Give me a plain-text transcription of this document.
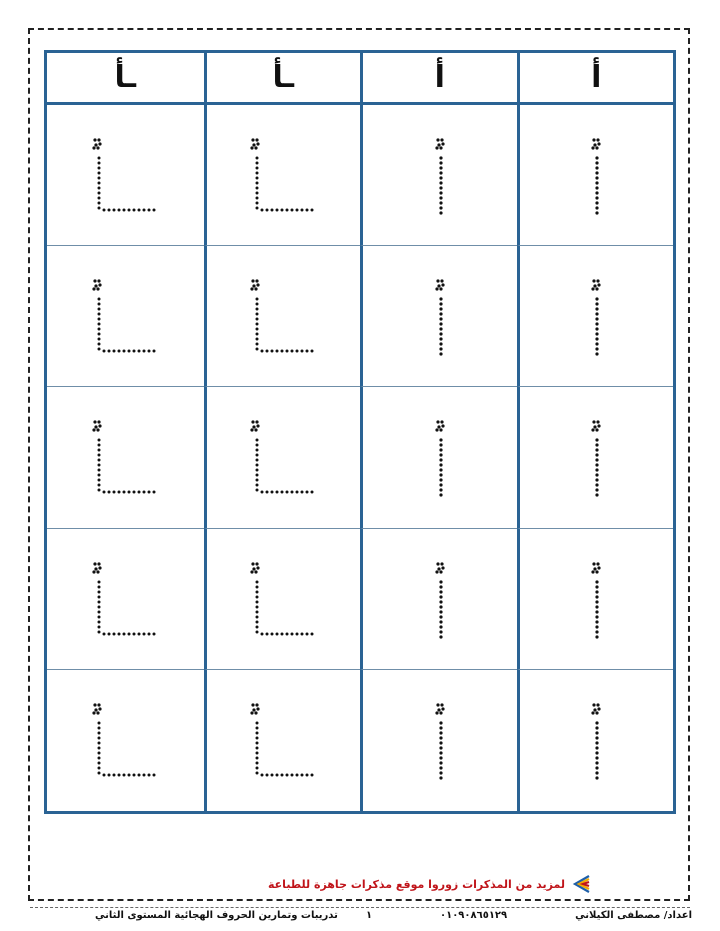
أ
أ
ـأ
ـأ
لمزيد من المذكرات زوروا موقع مذكرات جاهزة للطباعة
اعداد/ مصطفى الكيلاني
٠١٠٩٠٨٦٥١٢٩
١
تدريبات وتمارين الحروف الهجائية المستوى الثاني
